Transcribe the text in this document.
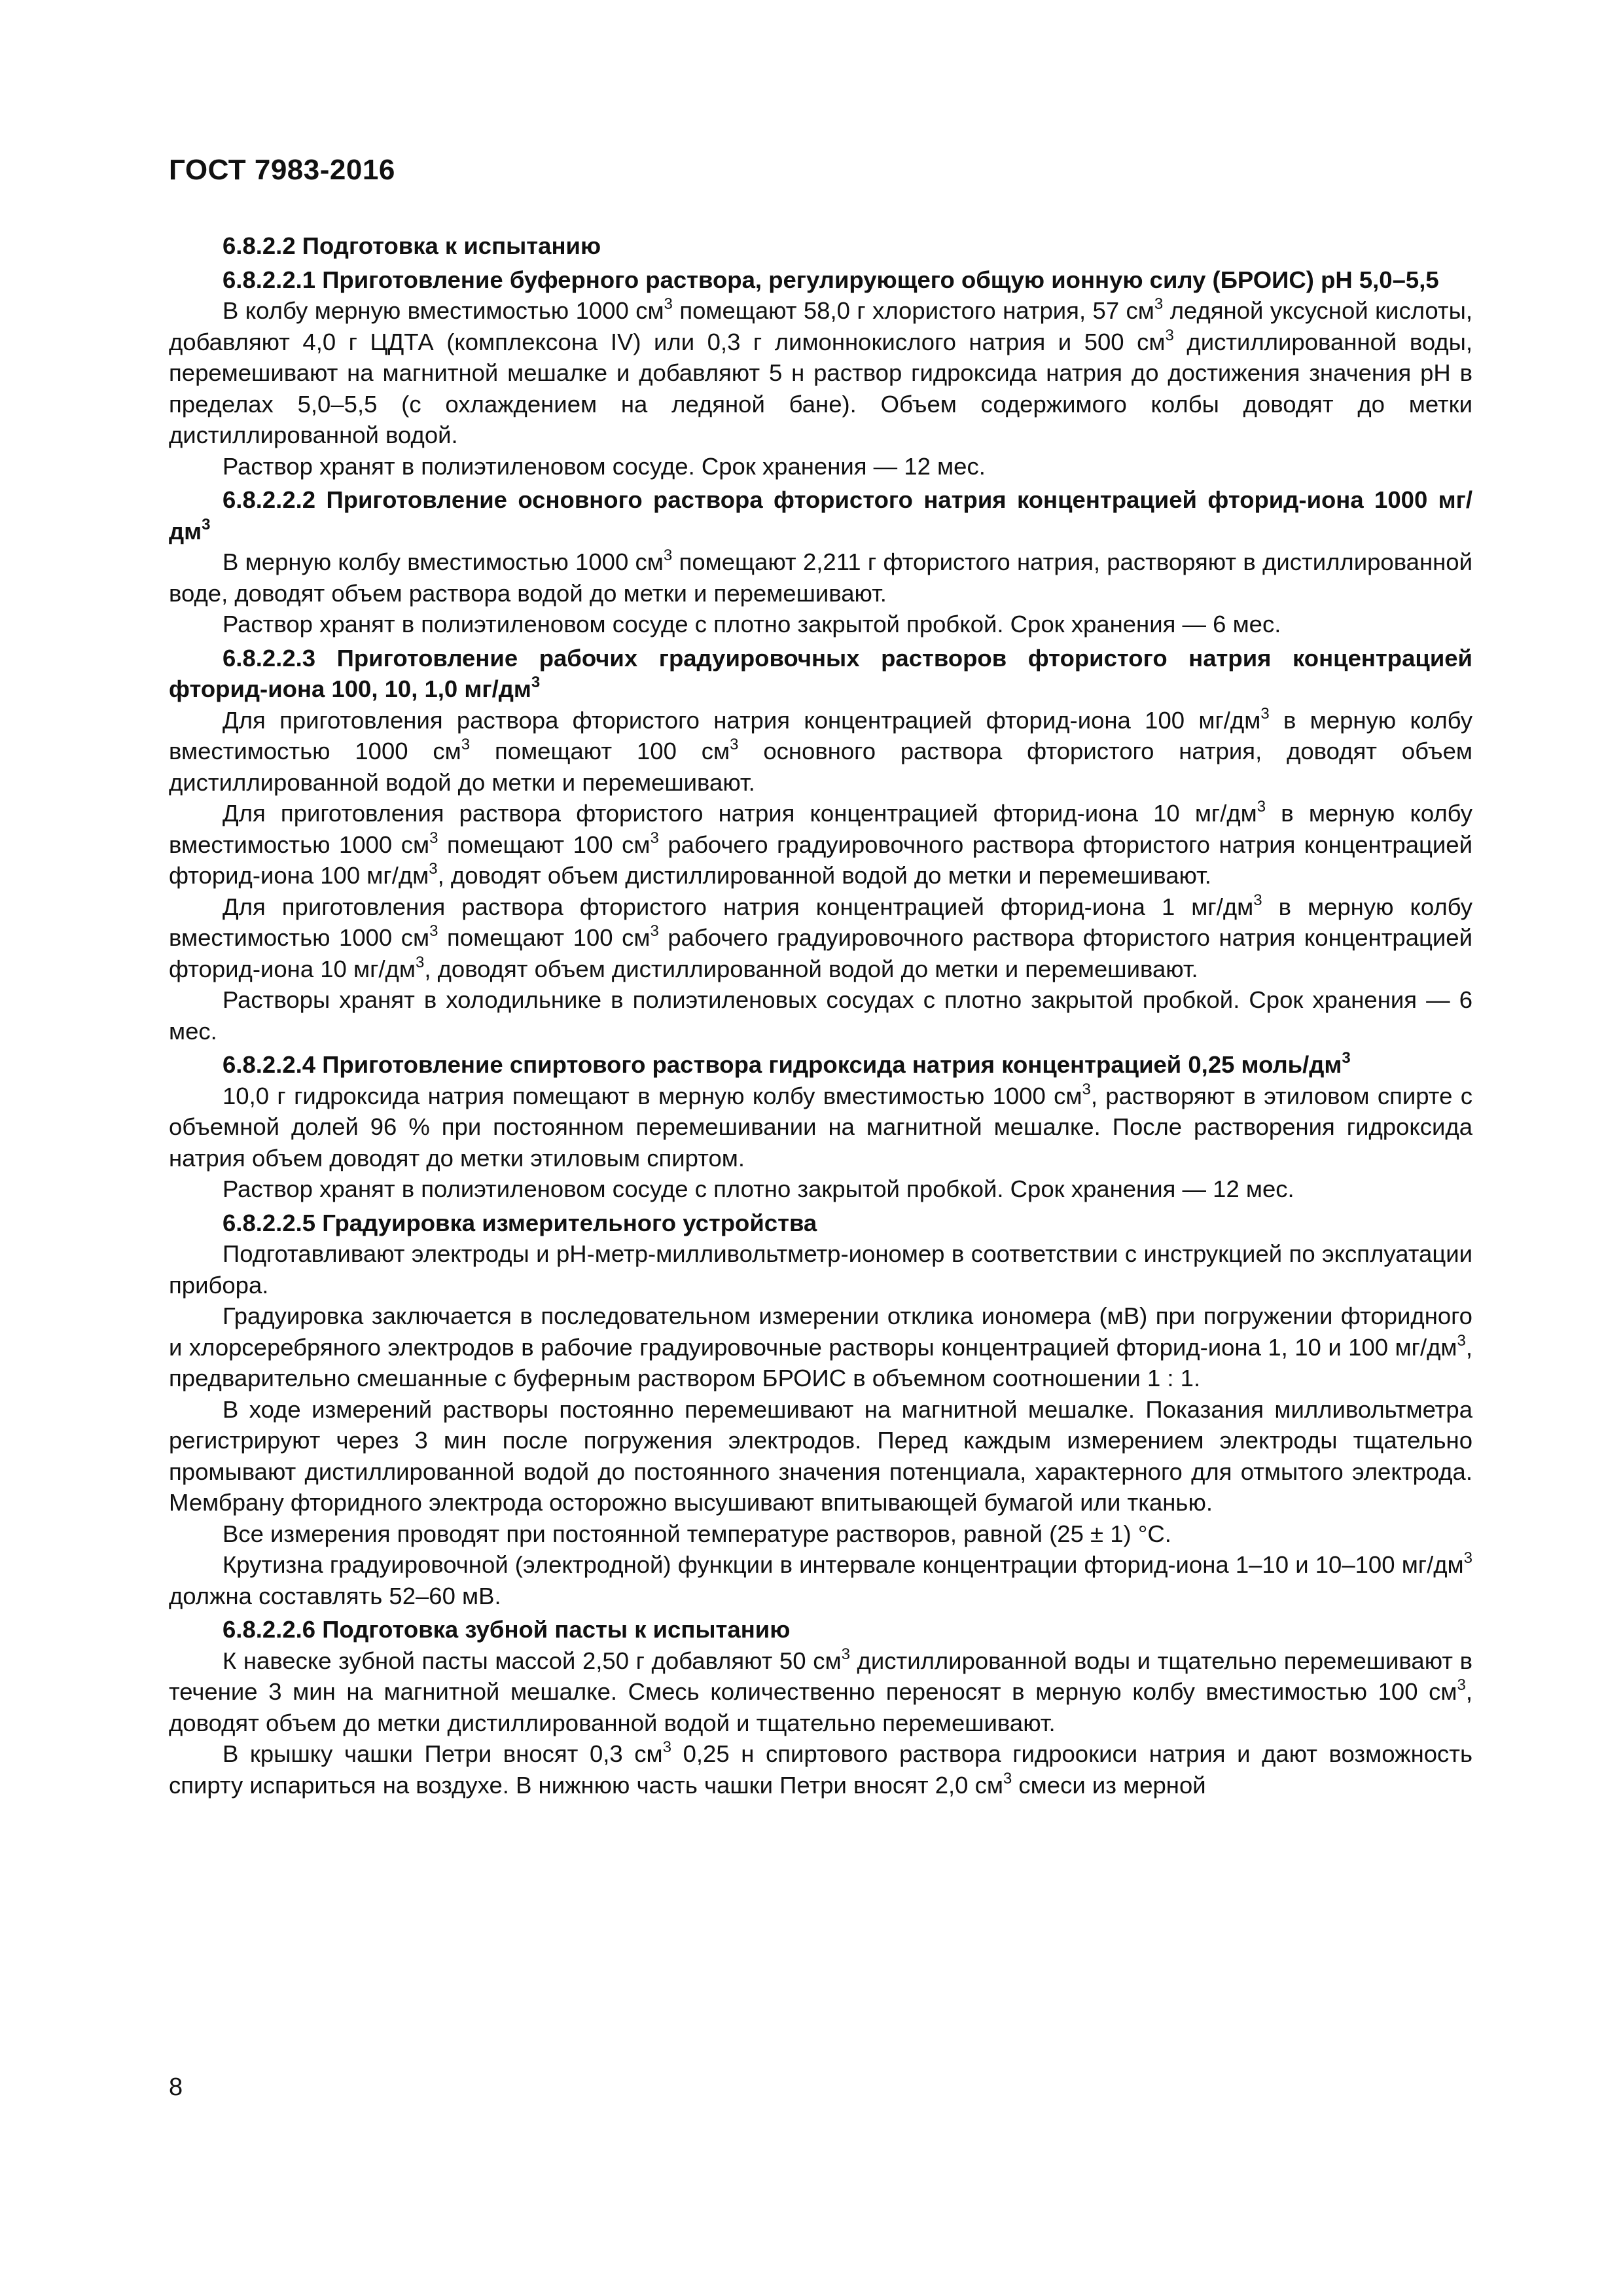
ГОСТ 7983-2016

6.8.2.2 Подготовка к испытанию

6.8.2.2.1 Приготовление буферного раствора, регулирующего общую ионную силу (БРОИС) рН 5,0–5,5

В колбу мерную вместимостью 1000 $см^3$ помещают 58,0 г хлористого натрия, 57 $см^3$ ледяной уксусной кислоты, добавляют 4,0 г ЦДТА (комплексона IV) или 0,3 г лимоннокислого натрия и 500 $см^3$ дистиллированной воды, перемешивают на магнитной мешалке и добавляют 5 н раствор гидроксида натрия до достижения значения рН в пределах 5,0–5,5 (с охлаждением на ледяной бане). Объем содержимого колбы доводят до метки дистиллированной водой.

Раствор хранят в полиэтиленовом сосуде. Срок хранения — 12 мес.

6.8.2.2.2 Приготовление основного раствора фтористого натрия концентрацией фторид-иона 1000 $мг/дм^3$

В мерную колбу вместимостью 1000 $см^3$ помещают 2,211 г фтористого натрия, растворяют в дистиллированной воде, доводят объем раствора водой до метки и перемешивают.

Раствор хранят в полиэтиленовом сосуде с плотно закрытой пробкой. Срок хранения — 6 мес.

6.8.2.2.3 Приготовление рабочих градуировочных растворов фтористого натрия концентрацией фторид-иона 100, 10, 1,0 $мг/дм^3$

Для приготовления раствора фтористого натрия концентрацией фторид-иона 100 $мг/дм^3$ в мерную колбу вместимостью 1000 $см^3$ помещают 100 $см^3$ основного раствора фтористого натрия, доводят объем дистиллированной водой до метки и перемешивают.

Для приготовления раствора фтористого натрия концентрацией фторид-иона 10 $мг/дм^3$ в мерную колбу вместимостью 1000 $см^3$ помещают 100 $см^3$ рабочего градуировочного раствора фтористого натрия концентрацией фторид-иона 100 $мг/дм^3$, доводят объем дистиллированной водой до метки и перемешивают.

Для приготовления раствора фтористого натрия концентрацией фторид-иона 1 $мг/дм^3$ в мерную колбу вместимостью 1000 $см^3$ помещают 100 $см^3$ рабочего градуировочного раствора фтористого натрия концентрацией фторид-иона 10 $мг/дм^3$, доводят объем дистиллированной водой до метки и перемешивают.

Растворы хранят в холодильнике в полиэтиленовых сосудах с плотно закрытой пробкой. Срок хранения — 6 мес.

6.8.2.2.4 Приготовление спиртового раствора гидроксида натрия концентрацией 0,25 моль/$дм^3$

10,0 г гидроксида натрия помещают в мерную колбу вместимостью 1000 $см^3$, растворяют в этиловом спирте с объемной долей 96 % при постоянном перемешивании на магнитной мешалке. После растворения гидроксида натрия объем доводят до метки этиловым спиртом.

Раствор хранят в полиэтиленовом сосуде с плотно закрытой пробкой. Срок хранения — 12 мес.

6.8.2.2.5 Градуировка измерительного устройства

Подготавливают электроды и рН-метр-милливольтметр-иономер в соответствии с инструкцией по эксплуатации прибора.

Градуировка заключается в последовательном измерении отклика иономера (мВ) при погружении фторидного и хлорсеребряного электродов в рабочие градуировочные растворы концентрацией фторид-иона 1, 10 и 100 $мг/дм^3$, предварительно смешанные с буферным раствором БРОИС в объемном соотношении 1 : 1.

В ходе измерений растворы постоянно перемешивают на магнитной мешалке. Показания милливольтметра регистрируют через 3 мин после погружения электродов. Перед каждым измерением электроды тщательно промывают дистиллированной водой до постоянного значения потенциала, характерного для отмытого электрода. Мембрану фторидного электрода осторожно высушивают впитывающей бумагой или тканью.

Все измерения проводят при постоянной температуре растворов, равной (25 ± 1) °С.

Крутизна градуировочной (электродной) функции в интервале концентрации фторид-иона 1–10 и 10–100 $мг/дм^3$ должна составлять 52–60 мВ.

6.8.2.2.6 Подготовка зубной пасты к испытанию

К навеске зубной пасты массой 2,50 г добавляют 50 $см^3$ дистиллированной воды и тщательно перемешивают в течение 3 мин на магнитной мешалке. Смесь количественно переносят в мерную колбу вместимостью 100 $см^3$, доводят объем до метки дистиллированной водой и тщательно перемешивают.

В крышку чашки Петри вносят 0,3 $см^3$ 0,25 н спиртового раствора гидроокиси натрия и дают возможность спирту испариться на воздухе. В нижнюю часть чашки Петри вносят 2,0 $см^3$ смеси из мерной

8
